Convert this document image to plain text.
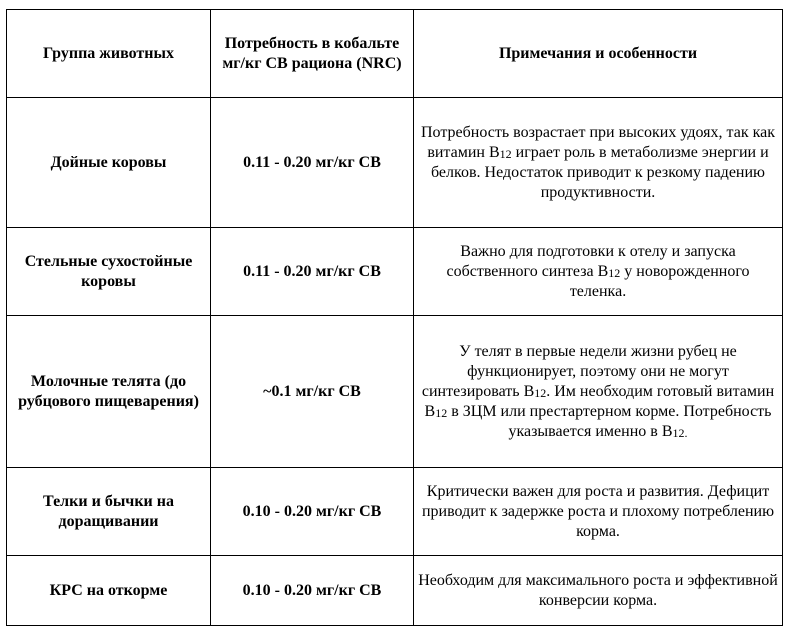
Группа животных	Потребность в кобальте мг/кг СВ рациона (NRC)	Примечания и особенности
Дойные коровы	0.11 - 0.20 мг/кг СВ	Потребность возрастает при высоких удоях, так как витамин В12 играет роль в метаболизме энергии и белков. Недостаток приводит к резкому падению продуктивности.
Стельные сухостойные коровы	0.11 - 0.20 мг/кг СВ	Важно для подготовки к отелу и запуска собственного синтеза В12 у новорожденного теленка.
Молочные телята (до рубцового пищеварения)	~0.1 мг/кг СВ	У телят в первые недели жизни рубец не функционирует, поэтому они не могут синтезировать В12. Им необходим готовый витамин В12 в ЗЦМ или престартерном корме. Потребность указывается именно в В12.
Телки и бычки на доращивании	0.10 - 0.20 мг/кг СВ	Критически важен для роста и развития. Дефицит приводит к задержке роста и плохому потреблению корма.
КРС на откорме	0.10 - 0.20 мг/кг СВ	Необходим для максимального роста и эффективной конверсии корма.
